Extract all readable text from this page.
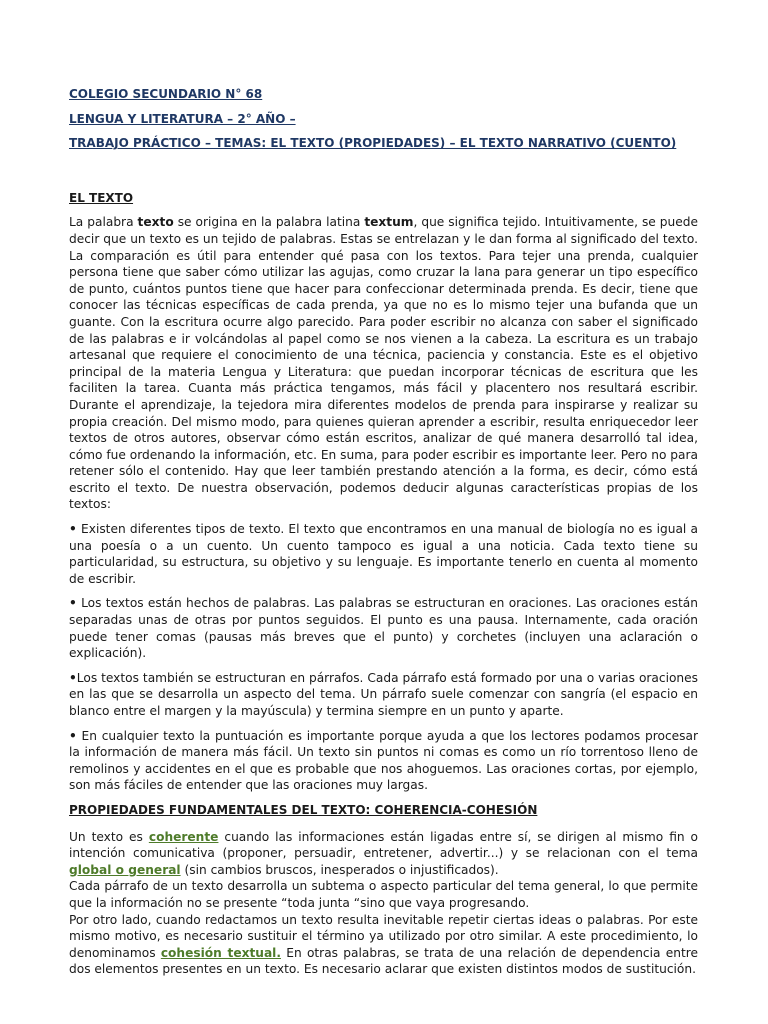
COLEGIO SECUNDARIO N° 68
LENGUA Y LITERATURA – 2° AÑO –
TRABAJO PRÁCTICO – TEMAS: EL TEXTO (PROPIEDADES) – EL TEXTO NARRATIVO (CUENTO)
EL TEXTO

La palabra texto se origina en la palabra latina textum, que significa tejido. Intuitivamente, se puede decir que un texto es un tejido de palabras. Estas se entrelazan y le dan forma al significado del texto. La comparación es útil para entender qué pasa con los textos. Para tejer una prenda, cualquier persona tiene que saber cómo utilizar las agujas, como cruzar la lana para generar un tipo específico de punto, cuántos puntos tiene que hacer para confeccionar determinada prenda. Es decir, tiene que conocer las técnicas específicas de cada prenda, ya que no es lo mismo tejer una bufanda que un guante. Con la escritura ocurre algo parecido. Para poder escribir no alcanza con saber el significado de las palabras e ir volcándolas al papel como se nos vienen a la cabeza. La escritura es un trabajo artesanal que requiere el conocimiento de una técnica, paciencia y constancia. Este es el objetivo principal de la materia Lengua y Literatura: que puedan incorporar técnicas de escritura que les faciliten la tarea. Cuanta más práctica tengamos, más fácil y placentero nos resultará escribir. Durante el aprendizaje, la tejedora mira diferentes modelos de prenda para inspirarse y realizar su propia creación. Del mismo modo, para quienes quieran aprender a escribir, resulta enriquecedor leer textos de otros autores, observar cómo están escritos, analizar de qué manera desarrolló tal idea, cómo fue ordenando la información, etc. En suma, para poder escribir es importante leer. Pero no para retener sólo el contenido. Hay que leer también prestando atención a la forma, es decir, cómo está escrito el texto. De nuestra observación, podemos deducir algunas características propias de los textos:

• Existen diferentes tipos de texto. El texto que encontramos en una manual de biología no es igual a una poesía o a un cuento. Un cuento tampoco es igual a una noticia. Cada texto tiene su particularidad, su estructura, su objetivo y su lenguaje. Es importante tenerlo en cuenta al momento de escribir.

• Los textos están hechos de palabras. Las palabras se estructuran en oraciones. Las oraciones están separadas unas de otras por puntos seguidos. El punto es una pausa. Internamente, cada oración puede tener comas (pausas más breves que el punto) y corchetes (incluyen una aclaración o explicación).

• Los textos también se estructuran en párrafos. Cada párrafo está formado por una o varias oraciones en las que se desarrolla un aspecto del tema. Un párrafo suele comenzar con sangría (el espacio en blanco entre el margen y la mayúscula) y termina siempre en un punto y aparte.

• En cualquier texto la puntuación es importante porque ayuda a que los lectores podamos procesar la información de manera más fácil. Un texto sin puntos ni comas es como un río torrentoso lleno de remolinos y accidentes en el que es probable que nos ahoguemos. Las oraciones cortas, por ejemplo, son más fáciles de entender que las oraciones muy largas.

PROPIEDADES FUNDAMENTALES DEL TEXTO: COHERENCIA-COHESIÓN

Un texto es coherente cuando las informaciones están ligadas entre sí, se dirigen al mismo fin o intención comunicativa (proponer, persuadir, entretener, advertir...) y se relacionan con el tema global o general (sin cambios bruscos, inesperados o injustificados).

Cada párrafo de un texto desarrolla un subtema o aspecto particular del tema general, lo que permite que la información no se presente “toda junta “sino que vaya progresando.

Por otro lado, cuando redactamos un texto resulta inevitable repetir ciertas ideas o palabras. Por este mismo motivo, es necesario sustituir el término ya utilizado por otro similar. A este procedimiento, lo denominamos cohesión textual. En otras palabras, se trata de una relación de dependencia entre dos elementos presentes en un texto. Es necesario aclarar que existen distintos modos de sustitución.
